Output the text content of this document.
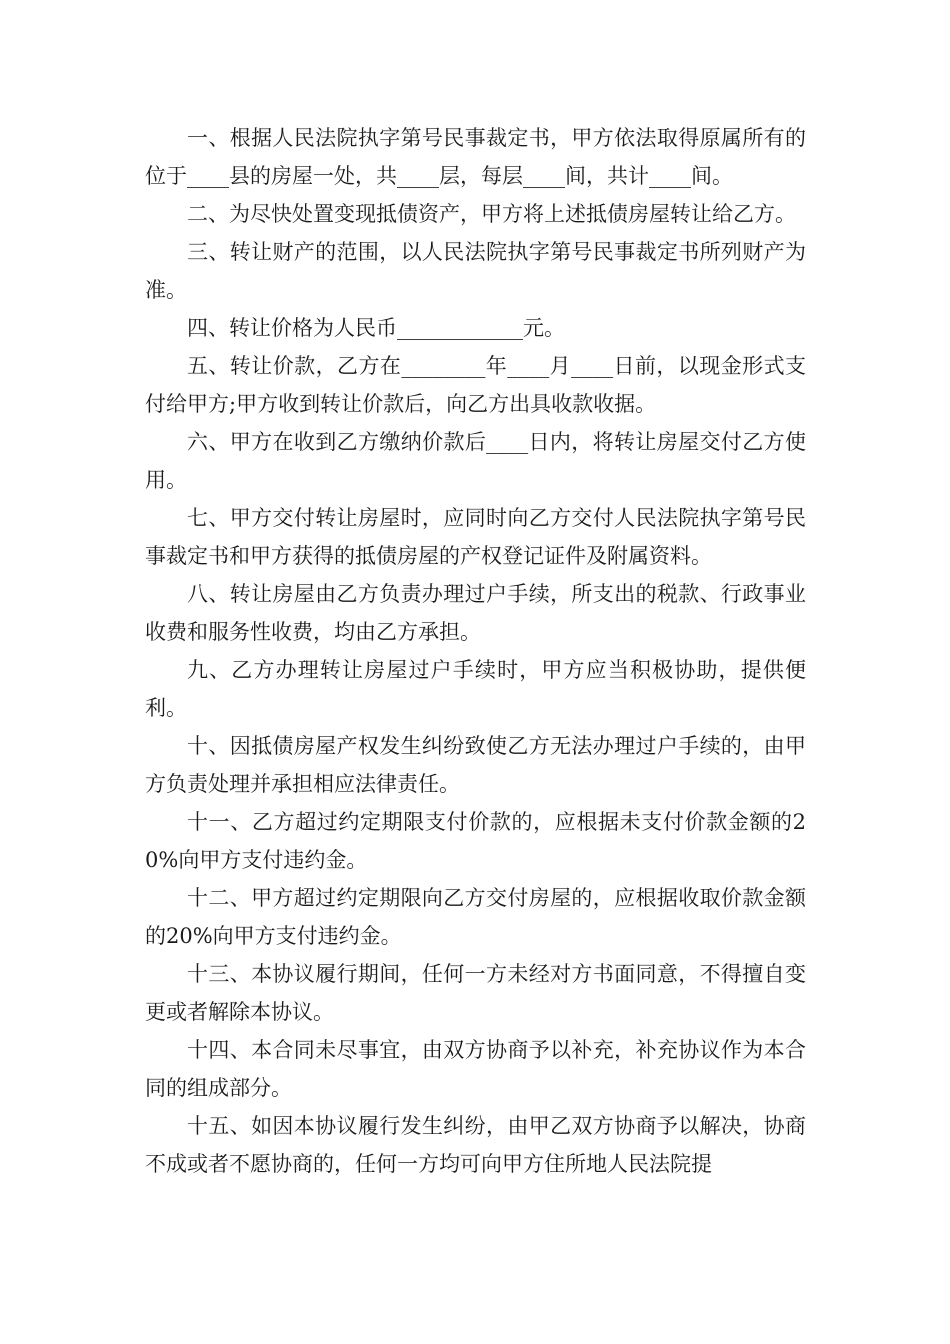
一、根据人民法院执字第号民事裁定书，甲方依法取得原属所有的位于____县的房屋一处，共____层，每层____间，共计____间。

二、为尽快处置变现抵债资产，甲方将上述抵债房屋转让给乙方。

三、转让财产的范围，以人民法院执字第号民事裁定书所列财产为准。

四、转让价格为人民币____________元。

五、转让价款，乙方在________年____月____日前，以现金形式支付给甲方;甲方收到转让价款后，向乙方出具收款收据。

六、甲方在收到乙方缴纳价款后____日内，将转让房屋交付乙方使用。

七、甲方交付转让房屋时，应同时向乙方交付人民法院执字第号民事裁定书和甲方获得的抵债房屋的产权登记证件及附属资料。

八、转让房屋由乙方负责办理过户手续，所支出的税款、行政事业收费和服务性收费，均由乙方承担。

九、乙方办理转让房屋过户手续时，甲方应当积极协助，提供便利。

十、因抵债房屋产权发生纠纷致使乙方无法办理过户手续的，由甲方负责处理并承担相应法律责任。

十一、乙方超过约定期限支付价款的，应根据未支付价款金额的20%向甲方支付违约金。

十二、甲方超过约定期限向乙方交付房屋的，应根据收取价款金额的20%向甲方支付违约金。

十三、本协议履行期间，任何一方未经对方书面同意，不得擅自变更或者解除本协议。

十四、本合同未尽事宜，由双方协商予以补充，补充协议作为本合同的组成部分。

十五、如因本协议履行发生纠纷，由甲乙双方协商予以解决，协商不成或者不愿协商的，任何一方均可向甲方住所地人民法院提
